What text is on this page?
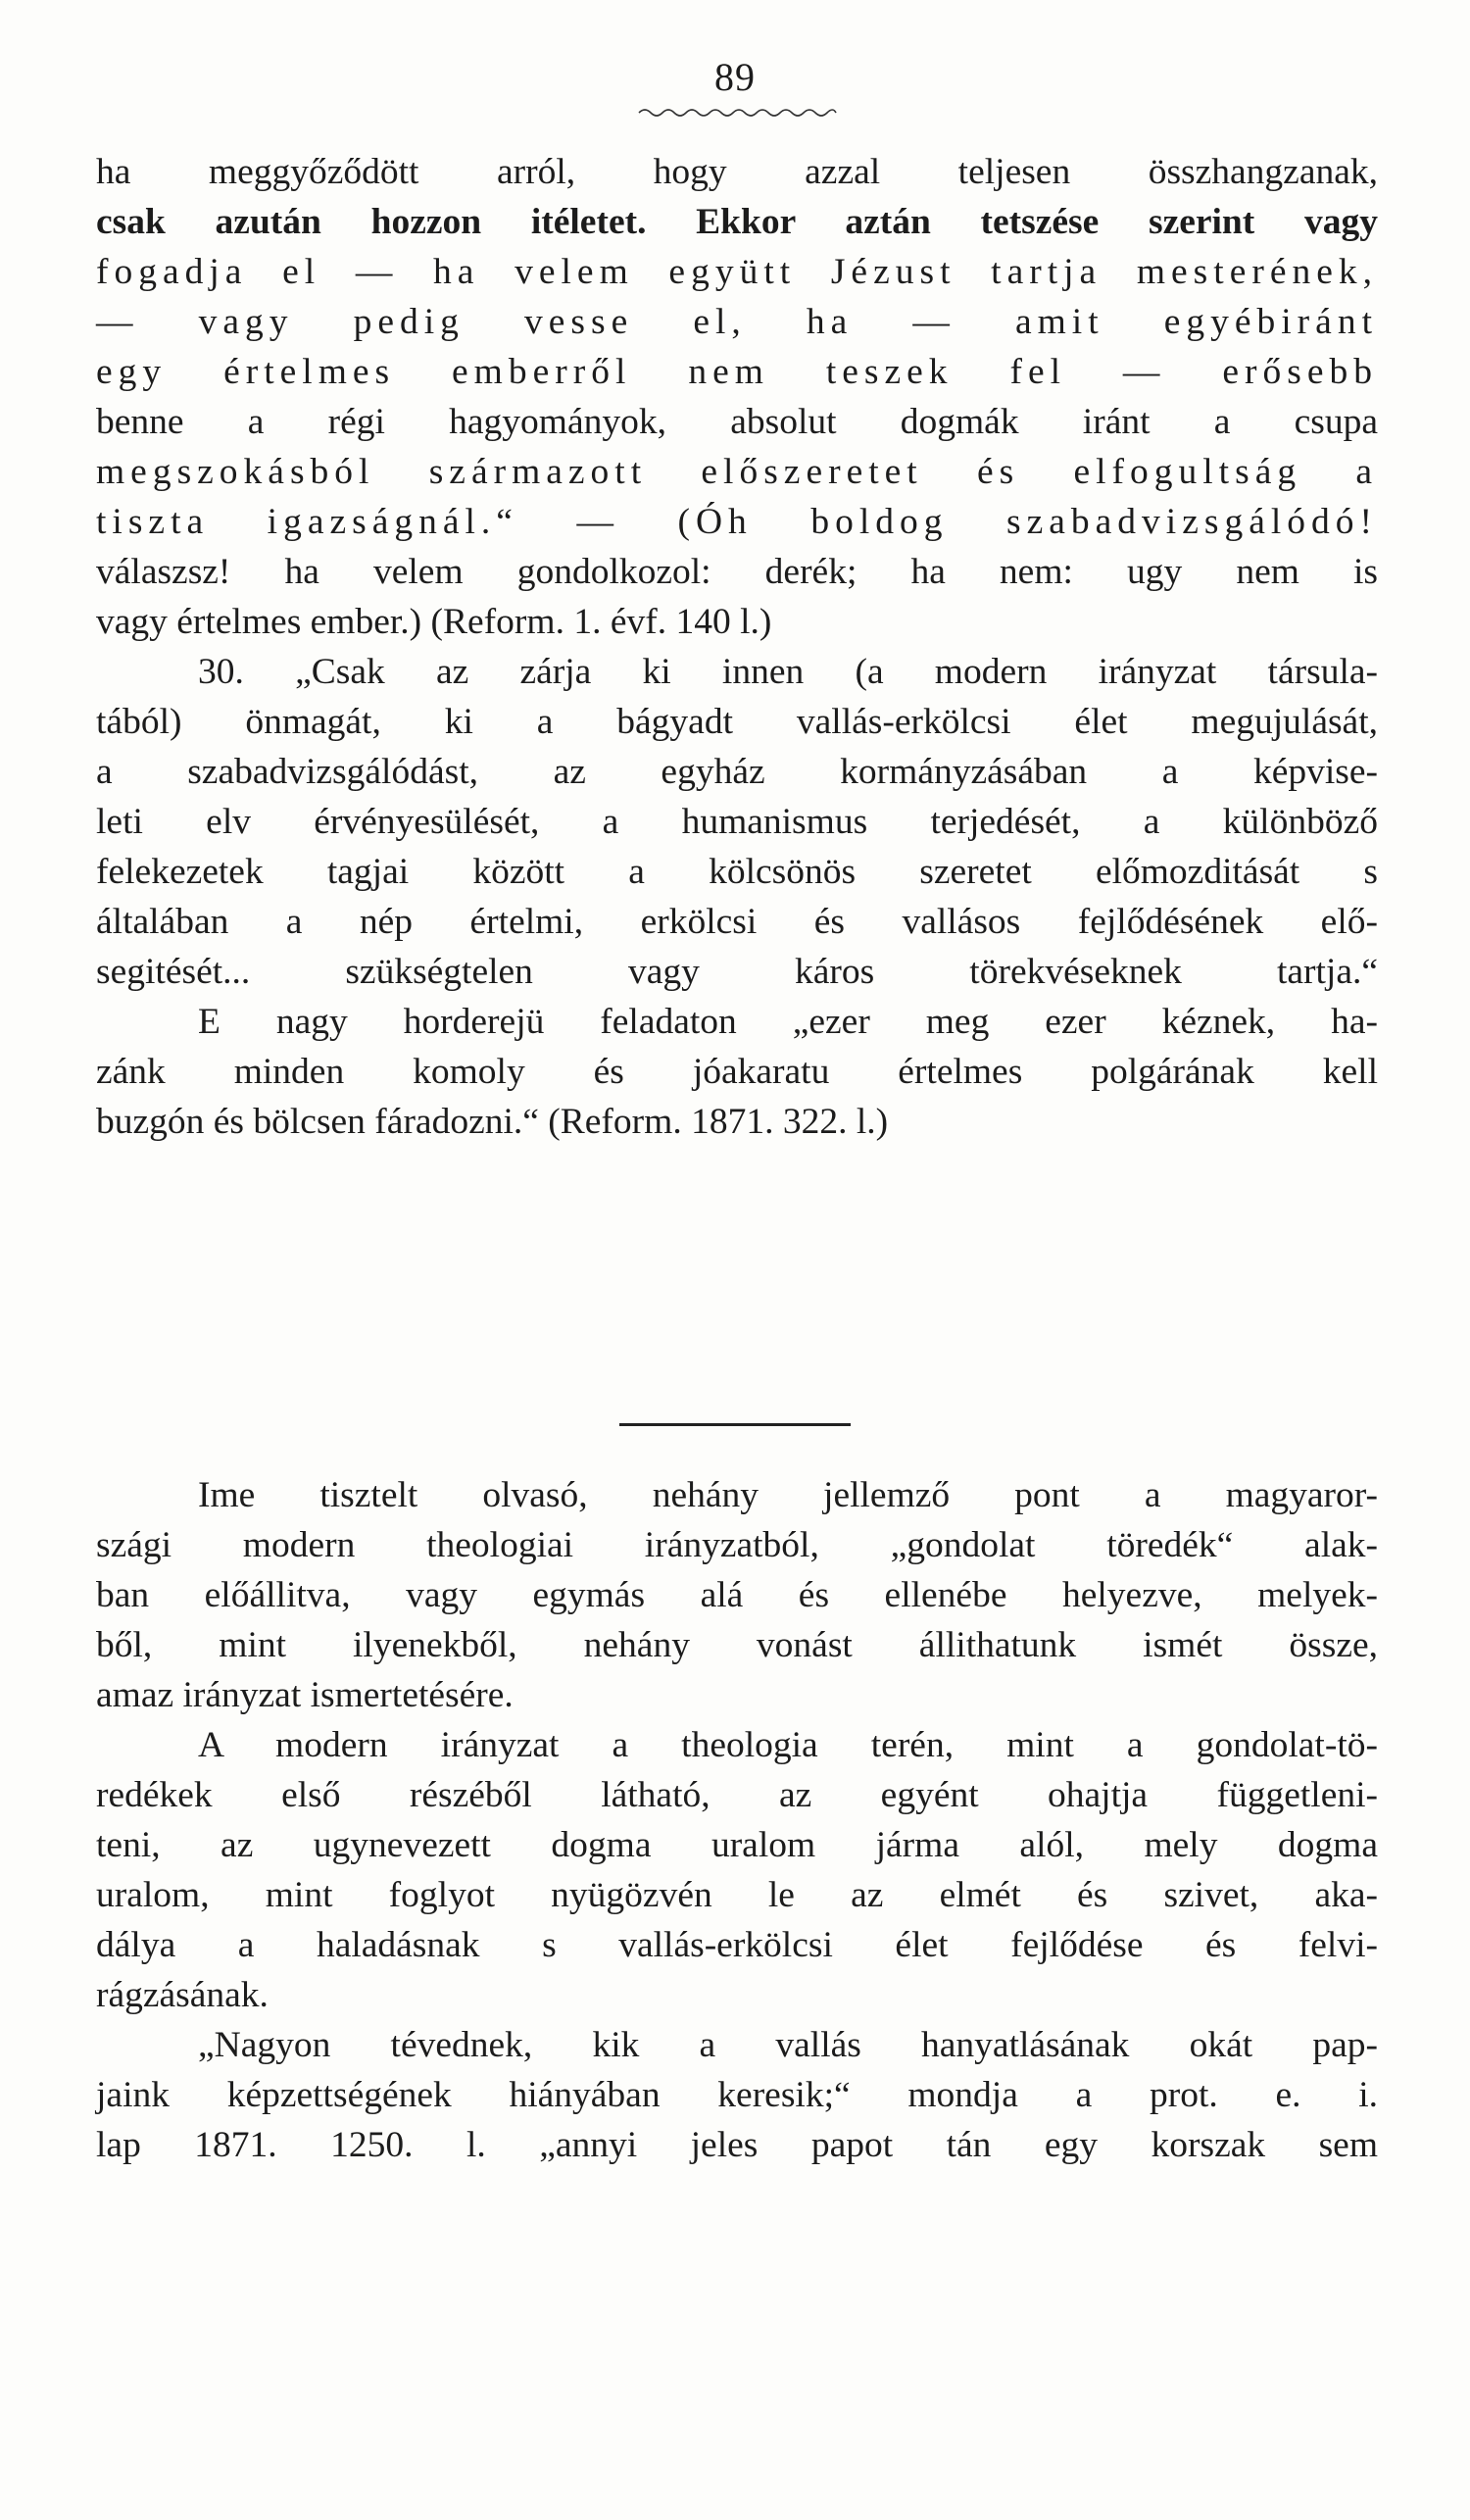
89
ha meggyőződött arról, hogy azzal teljesen összhangzanak,
csak azután hozzon itéletet. Ekkor aztán tetszése szerint vagy
fogadja el — ha velem együtt Jézust tartja mesterének,
— vagy pedig vesse el, ha — amit egyébiránt
egy értelmes emberről nem teszek fel — erősebb
benne a régi hagyományok, absolut dogmák iránt a csupa
megszokásból származott előszeretet és elfogultság a
tiszta igazságnál.“ — (Óh boldog szabadvizsgálódó!
válaszsz! ha velem gondolkozol: derék; ha nem: ugy nem is
vagy értelmes ember.) (Reform. 1. évf. 140 l.)
30. „Csak az zárja ki innen (a modern irányzat társula-
tából) önmagát, ki a bágyadt vallás-erkölcsi élet megujulását,
a szabadvizsgálódást, az egyház kormányzásában a képvise-
leti elv érvényesülését, a humanismus terjedését, a különböző
felekezetek tagjai között a kölcsönös szeretet előmozditását s
általában a nép értelmi, erkölcsi és vallásos fejlődésének elő-
segitését... szükségtelen vagy káros törekvéseknek tartja.“
E nagy horderejü feladaton „ezer meg ezer kéznek, ha-
zánk minden komoly és jóakaratu értelmes polgárának kell
buzgón és bölcsen fáradozni.“ (Reform. 1871. 322. l.)
Ime tisztelt olvasó, nehány jellemző pont a magyaror-
szági modern theologiai irányzatból, „gondolat töredék“ alak-
ban előállitva, vagy egymás alá és ellenébe helyezve, melyek-
ből, mint ilyenekből, nehány vonást állithatunk ismét össze,
amaz irányzat ismertetésére.
A modern irányzat a theologia terén, mint a gondolat-tö-
redékek első részéből látható, az egyént ohajtja függetleni-
teni, az ugynevezett dogma uralom járma alól, mely dogma
uralom, mint foglyot nyügözvén le az elmét és szivet, aka-
dálya a haladásnak s vallás-erkölcsi élet fejlődése és felvi-
rágzásának.
„Nagyon tévednek, kik a vallás hanyatlásának okát pap-
jaink képzettségének hiányában keresik;“ mondja a prot. e. i.
lap 1871. 1250. l. „annyi jeles papot tán egy korszak sem
